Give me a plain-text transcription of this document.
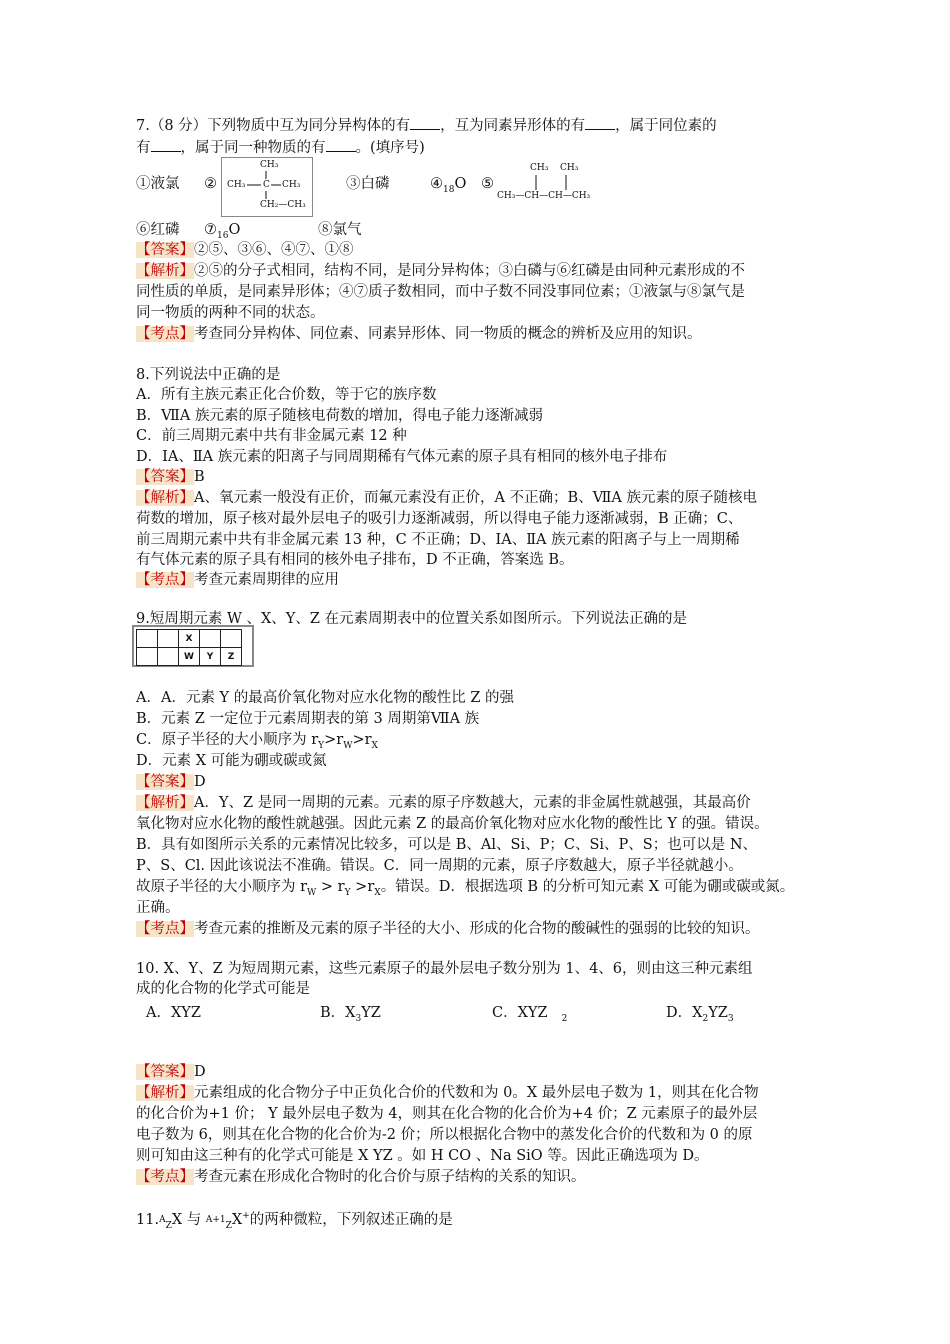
7.（8 分）下列物质中互为同分异构体的有 ，互为同素异形体的有 ，属于同位素的
有 ，属于同一种物质的有 。(填序号)
①液氯 ②
CH₃
CH₃ C CH₃
CH₂—CH₃
③白磷	$④_{18}O$ ⑤
CH₃ CH₃
CH₃—CH—CH—CH₃
⑥红磷 $⑦_{16}O$	⑧氯气
【答案】②⑤、③⑥、④⑦、①⑧
【解析】②⑤的分子式相同，结构不同，是同分异构体；③白磷与⑥红磷是由同种元素形成的不
同性质的单质，是同素异形体；④⑦质子数相同，而中子数不同没事同位素；①液氯与⑧氯气是
同一物质的两种不同的状态。
【考点】考查同分异构体、同位素、同素异形体、同一物质的概念的辨析及应用的知识。
8.下列说法中正确的是
A．所有主族元素正化合价数，等于它的族序数
B．ⅦA 族元素的原子随核电荷数的增加，得电子能力逐渐减弱
C．前三周期元素中共有非金属元素 12 种
D．ⅠA、ⅡA 族元素的阳离子与同周期稀有气体元素的原子具有相同的核外电子排布
【答案】B
【解析】A、氧元素一般没有正价，而氟元素没有正价，A 不正确；B、ⅦA 族元素的原子随核电
荷数的增加，原子核对最外层电子的吸引力逐渐减弱，所以得电子能力逐渐减弱，B 正确；C、
前三周期元素中共有非金属元素 13 种，C 不正确；D、ⅠA、ⅡA 族元素的阳离子与上一周期稀
有气体元素的原子具有相同的核外电子排布，D 不正确，答案选 B。
【考点】考查元素周期律的应用
9.短周期元素 W 、X、Y、Z 在元素周期表中的位置关系如图所示。下列说法正确的是
		X		
		W	Y	Z
A．A．元素 Y 的最高价氧化物对应水化物的酸性比 Z 的强
B．元素 Z 一定位于元素周期表的第 3 周期第ⅦA 族
C．原子半径的大小顺序为 $r_Y>r_W>r_X$
D．元素 X 可能为硼或碳或氮
【答案】D
【解析】A．Y、Z 是同一周期的元素。元素的原子序数越大，元素的非金属性就越强，其最高价
氧化物对应水化物的酸性就越强。因此元素 Z 的最高价氧化物对应水化物的酸性比 Y 的强。错误。
B．具有如图所示关系的元素情况比较多，可以是 B、Al、Si、P；C、Si、P、S；也可以是 N、
P、S、Cl. 因此该说法不准确。错误。C．同一周期的元素，原子序数越大，原子半径就越小。
故原子半径的大小顺序为 $r_W > r_Y >r_X$。错误。D．根据选项 B 的分析可知元素 X 可能为硼或碳或氮。
正确。
【考点】考查元素的推断及元素的原子半径的大小、形成的化合物的酸碱性的强弱的比较的知识。
10. X、Y、Z 为短周期元素，这些元素原子的最外层电子数分别为 1、4、6，则由这三种元素组
成的化合物的化学式可能是
A．XYZ	B．$X_3YZ$	C．XYZ $_2$	D．$X_2YZ_3$
【答案】D
【解析】元素组成的化合物分子中正负化合价的代数和为 0。X 最外层电子数为 1，则其在化合物
的化合价为+1 价； Y 最外层电子数为 4，则其在化合物的化合价为+4 价；Z 元素原子的最外层
电子数为 6，则其在化合物的化合价为-2 价；所以根据化合物中的蒸发化合价的代数和为 0 的原
则可知由这三种有的化学式可能是 X YZ 。如 H CO 、Na SiO 等。因此正确选项为 D。
【考点】考查元素在形成化合物时的化合价与原子结构的关系的知识。
11.$^A_Z$X 与 $^{A+1}_Z$X+的两种微粒，下列叙述正确的是
